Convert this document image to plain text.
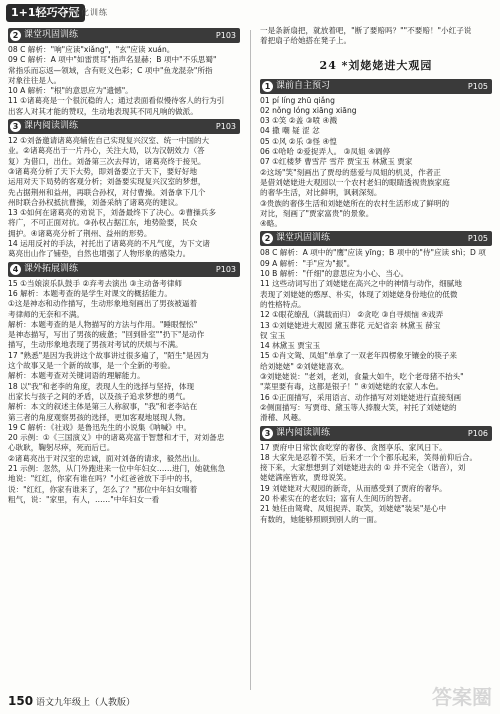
1+1轻巧夺冠
优化训练
2 课堂巩固训练	P103
08 C 解析："响"应读"xiǎng"，"玄"应读 xuán。
09 C 解析：A 项中"如雷贯耳"指声名显赫；B 项中"不乐思蜀"
常指乐而忘返—领域，含有贬义色彩；C 项中"鱼龙混杂"所指
对象往往是人。
10 A 解析："根"的意思应为"遗憾"。
11 ①诸葛亮是一个很沉稳的人；通过表面看似慢待客人的行为引
出客人对其才能的赞叹，生动地表现其不同凡响的做派。
3 课内阅读训练	P103
12 ①刘备邀请诸葛亮辅佐自己实现复兴汉室、统一中国的大
业。②诸葛亮出于一片丹心，关注大局，以为汉朝效力（答
复）为借口，出仕。刘备第三次去拜访，诸葛亮终于接见。
③诸葛亮分析了天下大势，即刘备要立于天下，要好好地
运用对天下局势的客观分析；刘备要实现复兴汉室的梦想，
先占据荆州和益州，再联合孙权，对付曹操。刘备拿下几个
州时联合孙权抵抗曹操，刘备采纳了诸葛亮的建议。
13 ①如何在诸葛亮的劝说下，刘备最终下了决心。②曹操兵多
将广，不可正面对抗。③孙权占据江东，地势险要，民众
拥护。④诸葛亮分析了荆州、益州的形势。
14 运用反衬的手法，衬托出了诸葛亮的不凡气度，为下文诸
葛亮出山作了铺垫，自然也增强了人物形象的感染力。
4 课外拓展训练	P103
15 ①当娘滚乐队鼓手 ②弃考去演出 ③主动备考律师
16 解析：本题考查的是学生对课文的概括能力。
①这是神态和动作描写，生动形象地刻画出了男孩被逼着
考律师的无奈和不满。
解析：本题考查的是人物描写的方法与作用。"睡眼惺忪"
是神态描写，写出了男孩的疲惫；"回到卧室""扔下"是动作
描写，生动形象地表现了男孩对考试的厌烦与不满。
17 "熟悉"是因为我讲这个故事讲过很多遍了，"陌生"是因为
这个故事又是一个新的故事，是一个全新的考验。
解析：本题考查对关键词语的理解能力。
18 以"我"和老李的角度，表现人生的选择与坚持，体现
出家长与孩子之间的矛盾，以及孩子追求梦想的勇气。
解析：本文的叙述主体是第三人称叙事，"我"和老李站在
第三者的角度观察男孩的选择，更加客观地展现人物。
19 C 解析：《社戏》是鲁迅先生的小说集《呐喊》中。
20 示例：①《三国演义》中的诸葛亮富于智慧和才干，对刘备忠
心耿耿，鞠躬尽瘁，死而后已。
②诸葛亮出于对汉室的忠诚，面对刘备的请求，毅然出山。
21 示例：忽然，从门外跑进来一位中年妇女……进门，她就焦急
地说："红红，你家有谁在吗？"小红爸爸放下手中的书，
说："红红，你家有谁来了，怎么了？"那位中年妇女喘着
粗气，说："家里，有人，……"中年妇女一看
一是条新扇把，就放着吧，"断了要赔吗？""不要赔！"小红子说
着把扇子给她搭在凳子上。
24 *刘姥姥进大观园
1 课前自主预习	P105
01 pí líng zhū qiǎng
02 nǒng lóng xiāng xiāng
03 ①笑 ②盖 ③喷 ④溅
04 撒 嘲 疑 涩 忿
05 ①风 ②乐 ③怪 ④惶
06 ①哈哈 ②爱捉弄人。 ③凤姐 ④调停
07 ①红楼梦 曹雪芹 雪芹 贾宝玉 林黛玉 贾家
②这场"笑"刻画出了贾母的慈爱与凤姐的机灵，作者正
是借刘姥姥进大观园以一个农村老妇的眼睛透视贵族家庭
的奢华生活，对比鲜明，讽刺深刻。
③贵族的奢侈生活和刘姥姥所在的农村生活形成了鲜明的
对比，刻画了"贾家富贵"的景象。
④略。
2 课堂巩固训练	P105
08 C 解析：A 项中的"鹰"应读 yīng；B 项中的"侍"应读 shì；D 项
09 A 解析："手"应为"振"。
10 B 解析："仟细"的意思应为小心、当心。
11 这些动词写出了刘姥姥在高兴之中的神情与动作，细腻地
表现了刘姥姥的憨厚、朴实，体现了刘姥姥身份地位的低微
的性格特点。
12 ①眼花缭乱（满载而归） ②贪吃 ③自寻烦恼 ④戏弄
13 ①刘姥姥进大观园 黛玉葬花 元妃省亲 林黛玉 薛宝
钗 宝玉
14 林黛玉 贾宝玉
15 ①肖文鸳、凤姐"单拿了一双老年四楞象牙镶金的筷子来
给刘姥姥" ②刘姥姥喜欢。
③刘姥姥说："老刘，老刘，食量大如牛，吃个老母猪不抬头"
"菜里要有毒，这都是银子！" ④刘姥姥的农家人本色。
16 ①正面描写，采用语言、动作描写对刘姥姥进行直接刻画
②侧面描写：写贾母、黛玉等人捧腹大笑，衬托了刘姥姥的
滑稽、风趣。
3 课内阅读训练	P106
17 贾府中日常饮食吃穿的奢侈、贪图享乐、家风日下。
18 大家先是忍着不笑，后来才一个个都乐起来，笑得前仰后合。
接下来，大家想想到了刘姥姥进去的 ① 并不完全（谐音），刘
姥姥满座皆欢，贾母说笑。
19 刘姥姥对大观园的新奇，从而感受到了贾府的奢华。
20 朴素实在的老农妇；富有人生阅历的智者。
21 她任由鸳鸯、凤姐捉弄、取笑，刘姥姥"装呆"是心中
有数的，她能够照顾到别人的一面。
150 语文九年级上（人教版）	答案圈
